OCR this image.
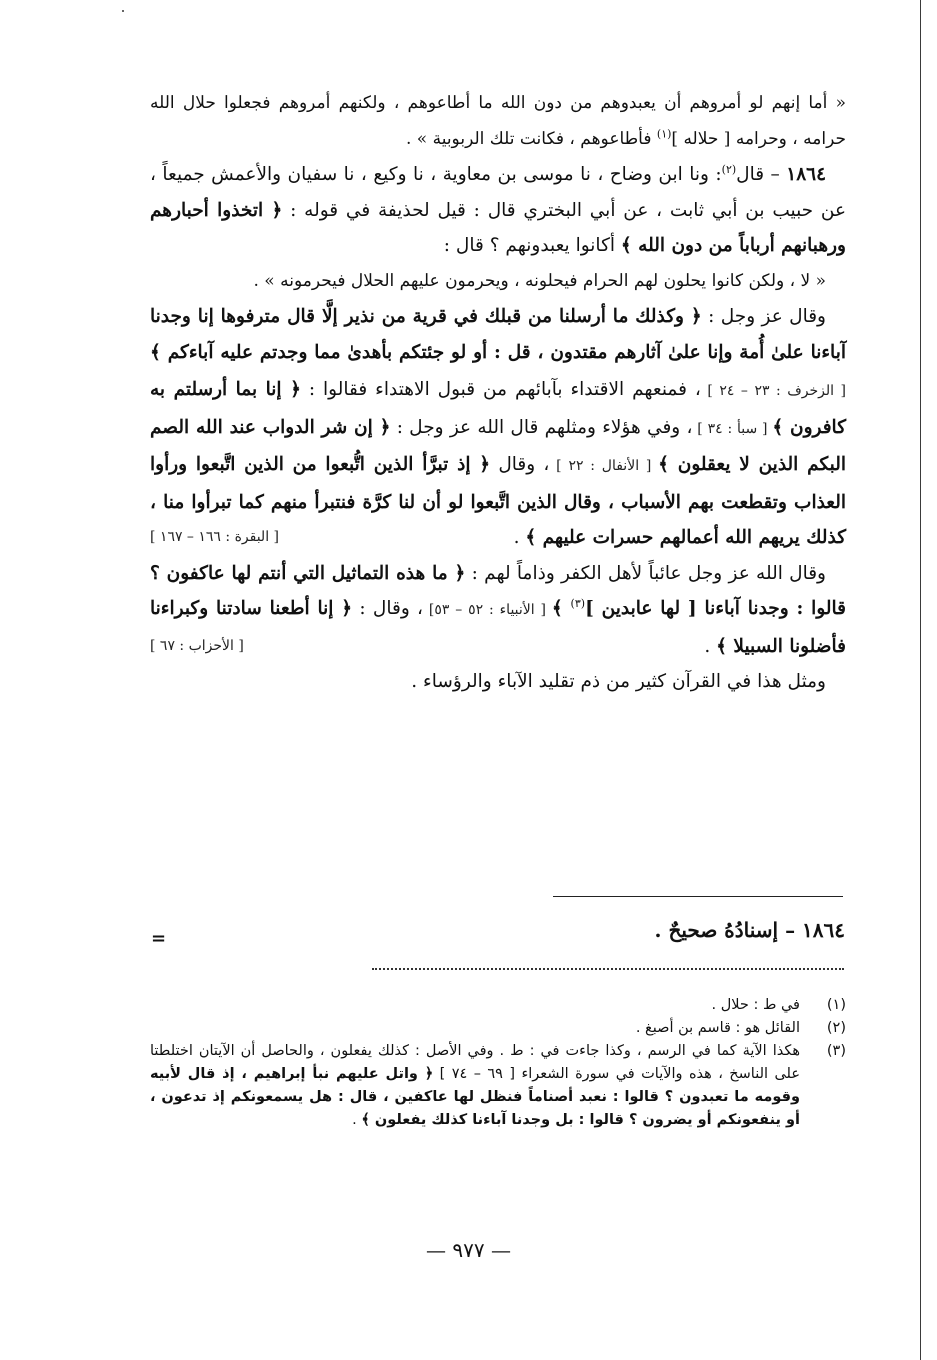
« أما إنهم لو أمروهم أن يعبدوهم من دون الله ما أطاعوهم ، ولكنهم أمروهم فجعلوا حلال الله حرامه ، وحرامه [ حلاله ]$^{(١)}$ فأطاعوهم ، فكانت تلك الربوبية » .

١٨٦٤ – قال$^{(٢)}$: ونا ابن وضاح ، نا موسى بن معاوية ، نا وكيع ، نا سفيان والأعمش جميعاً ، عن حبيب بن أبي ثابت ، عن أبي البختري قال : قيل لحذيفة في قوله : ﴿ اتخذوا أحبارهم ورهبانهم أرباباً من دون الله ﴾ أكانوا يعبدونهم ؟ قال :

« لا ، ولكن كانوا يحلون لهم الحرام فيحلونه ، ويحرمون عليهم الحلال فيحرمونه » .

وقال عز وجل : ﴿ وكذلك ما أرسلنا من قبلك في قرية من نذير إلَّا قال مترفوها إنا وجدنا آباءنا علىٰ أُمة وإنا علىٰ آثارهم مقتدون ، قل : أو لو جئتكم بأهدىٰ مما وجدتم عليه آباءكم ﴾ [ الزخرف : ٢٣ – ٢٤ ] ، فمنعهم الاقتداء بآبائهم من قبول الاهتداء فقالوا : ﴿ إنا بما أرسلتم به كافرون ﴾ [ سبأ : ٣٤ ] ، وفي هؤلاء ومثلهم قال الله عز وجل : ﴿ إن شر الدواب عند الله الصم البكم الذين لا يعقلون ﴾ [ الأنفال : ٢٢ ] ، وقال ﴿ إذ تبرَّأ الذين اتُّبعوا من الذين اتَّبعوا ورأوا العذاب وتقطعت بهم الأسباب ، وقال الذين اتَّبعوا لو أن لنا كرَّة فنتبرأ منهم كما تبرأوا منا ، كذلك يريهم الله أعمالهم حسرات عليهم ﴾ .
[ البقرة : ١٦٦ – ١٦٧ ]

وقال الله عز وجل عائباً لأهل الكفر وذاماً لهم : ﴿ ما هذه التماثيل التي أنتم لها عاكفون ؟ قالوا : وجدنا آباءنا [ لها عابدين ]$^{(٣)}$ ﴾ [ الأنبياء : ٥٢ – ٥٣] ، وقال : ﴿ إنا أطعنا سادتنا وكبراءنا فأضلونا السبيلا ﴾ .
[ الأحزاب : ٦٧ ]

ومثل هذا في القرآن كثير من ذم تقليد الآباء والرؤساء .

١٨٦٤ – إسنادُهُ صحيحٌ .
=
(١)
في ط : حلال .
(٢)
القائل هو : قاسم بن أصبغ .
(٣)
هكذا الآية كما في الرسم ، وكذا جاءت في : ط . وفي الأصل : كذلك يفعلون ، والحاصل أن الآيتان اختلطتا على الناسخ ، هذه والآيات في سورة الشعراء [ ٦٩ – ٧٤ ] ﴿ واتل عليهم نبأ إبراهيم ، إذ قال لأبيه وقومه ما تعبدون ؟ قالوا : نعبد أصناماً فنظل لها عاكفين ، قال : هل يسمعونكم إذ تدعون ، أو ينفعونكم أو يضرون ؟ قالوا : بل وجدنا آباءنا كذلك يفعلون ﴾ .
— ٩٧٧ —
